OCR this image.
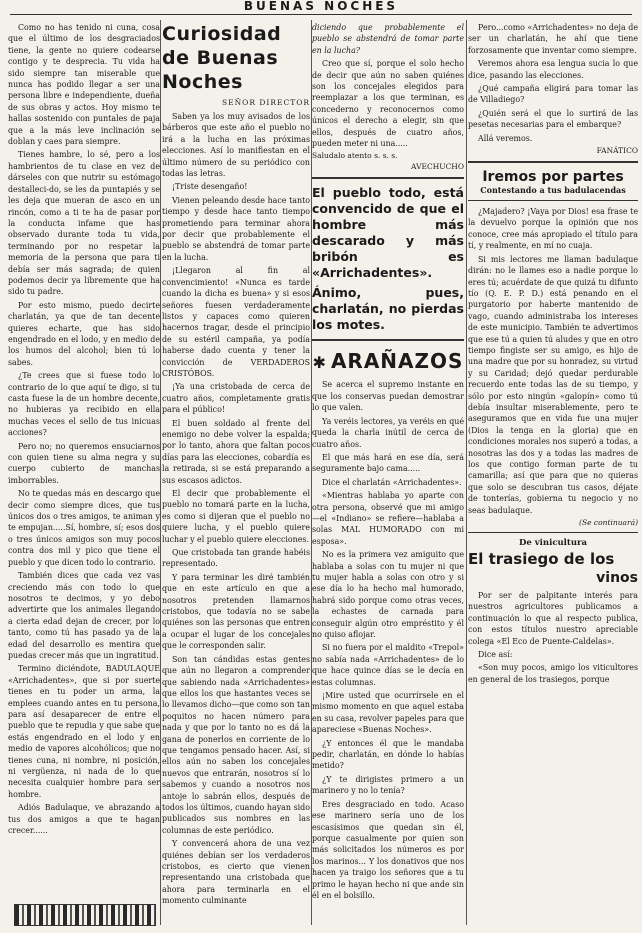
BUENAS NOCHES

Como no has tenido ni cuna, cosa que el último de los desgraciados tiene, la gente no quiere codearse contigo y te desprecia. Tu vida ha sido siempre tan miserable que nunca has podido llegar a ser una persona libre e independiente, dueña de sus obras y actos. Hoy mismo te hallas sostenido con puntales de paja que a la más leve inclinación se doblan y caes para siempre.

Tienes hambre, lo sé, pero a los hambrientos de tu clase en vez de dárseles con que nutrir su estómago destalleci-do, se les da puntapiés y se les deja que mueran de asco en un rincón, como a ti te ha de pasar por la conducta infame que has observado durante toda tu vida, terminando por no respetar la memoria de la persona que para ti debía ser más sagrada; de quien podemos decir ya libremente que ha sido tu padre.

Por esto mismo, puedo decirte charlatán, ya que de tan decente quieres echarte, que has sido engendrado en el lodo, y en medio de los humos del alcohol; bien tú lo sabes.

¿Te crees que si fuese todo lo contrario de lo que aquí te digo, si tu casta fuese la de un hombre decente, no hubieras ya recibido en ella muchas veces el sello de tus inicuas acciones?

Pero no; no queremos ensuciarnos con quien tiene su alma negra y su cuerpo cubierto de manchas imborrables.

No te quedas más en descargo que decir como siempre dices, que tus únicos dos o tres amigos, te animan y te empujan.....Sí, hombre, sí; esos dos o tres únicos amigos son muy pocos contra dos mil y pico que tiene el pueblo y que dicen todo lo contrario.

También dices que cada vez vas creciendo más con todo lo que nosotros te decimos, y yo debo advertirte que los animales llegando a cierta edad dejan de crecer, por lo tanto, como tú has pasado ya de la edad del desarrollo es mentira que puedas crecer más que un ingratitud.

Termino diciéndote, BADULAQUE «Arrichadentes», que si por suerte tienes en tu poder un arma, la emplees cuando antes en tu persona, para así desaparecer de entre el pueblo que te repudia y que sabe que estás engendrado en el lodo y en medio de vapores alcohólicos; que no tienes cuna, ni nombre, ni posición, ni vergüenza, ni nada de lo que necesita cualquier hombre para ser hombre.

Adiós Badulaque, ve abrazando a tus dos amigos a que te hagan crecer......

Curiosidad de Buenas Noches
SEÑOR DIRECTOR

Saben ya los muy avisados de los bárberos que este año el pueblo no irá a la lucha en las próximas elecciones. Así lo manifiestan en el último número de su periódico con todas las letras.

¡Triste desengaño!

Vienen peleando desde hace tanto tiempo y desde hace tanto tiempo prometiendo para terminar ahora por decir que probablemente el pueblo se abstendrá de tomar parte en la lucha.

¡Llegaron al fin al convencimiento! «Nunca es tarde cuando la dicha es buena» y si esos señores fuesen verdaderamente listos y capaces como quieren hacernos tragar, desde el principio de su estéril campaña, ya podía haberse dado cuenta y tener la convicción de VERDADEROS CRISTÓBOS.

¡Ya una cristobada de cerca de cuatro años, completamente gratis para el público!

El buen soldado al frente del enemigo no debe volver la espalda; por lo tanto, ahora que faltan pocos días para las elecciones, cobardía es la retirada, si se está preparando a sus escasos adictos.

El decir que probablemente el pueblo no tomará parte en la lucha, es como si dijeran que el pueblo no quiere lucha, y el pueblo quiere luchar y el pueblo quiere elecciones.

Que cristobada tan grande habéis representado.

Y para terminar les diré también que en este artículo en que a nosotros pretenden llamarnos cristobos, que todavía no se sabe quiénes son las personas que entren a ocupar el lugar de los concejales que le corresponden salir.

Son tan cándidas estas gentes que aún no llegaron a comprender que sabiendo nada «Arrichadentes» que ellos los que hastantes veces se lo llevamos dicho—que como son tan poquitos no hacen número para nada y que por lo tanto no es dá la gana de ponerlos en corriente de lo que tengamos pensado hacer. Así, si ellos aún no saben los concejales nuevos que entrarán, nosotros sí lo sabemos y cuando a nosotros nos antoje lo sabrán ellos, después de todos los últimos, cuando hayan sido publicados sus nombres en las columnas de este periódico.

Y convencerá ahora de una vez quiénes debían ser los verdaderos cristobos, es cierto que vienen representando una cristobada que ahora para terminarla en el momento culminante

diciendo que probablemente el pueblo se abstendrá de tomar parte en la lucha?

Creo que sí, porque el solo hecho de decir que aún no saben quiénes son los concejales elegidos para reemplazar a los que terminan, es concederno y reconocernos como únicos el derecho a elegir, sin que ellos, después de cuatro años, pueden meter ni una.....

Saludalo atento s. s. s.
AVECHUCHO
El pueblo todo, está convencido de que el hombre más descarado y más bribón es «Arrichadentes».
Ánimo, pues, charlatán, no pierdas los motes.
✱ ARAÑAZOS

Se acerca el supremo instante en que los conservas puedan demostrar lo que valen.

Ya veréis lectores, ya veréis en qué queda la charla inútil de cerca de cuatro años.

El que más hará en ese día, será seguramente bajo cama.....

Dice el charlatán «Arrichadentes».

«Mientras hablaba yo aparte con otra persona, observé que mi amigo—el «Indiano» se refiere—hablaba a solas MAL HUMORADO con mi esposa».

No es la primera vez amiguito que hablaba a solas con tu mujer ni que tu mujer habla a solas con otro y si ese día lo ha hecho mal humorado, habrá sido porque como otras veces, la echastes de carnada para conseguir algún otro empréstito y él no quiso aflojar.

Si no fuera por el maldito «Trepol» no sabía nada «Arrichadentes» de lo que hace quince días se le decía en estas columnas.

¡Mire usted que ocurrírsele en el mismo momento en que aquel estaba en su casa, revolver papeles para que apareciese «Buenas Noches».

¿Y entonces él que le mandaba pedir, charlatán, en dónde lo habías metido?

¿Y te dirigistes primero a un marinero y no lo tenía?

Eres desgraciado en todo. Acaso ese marinero sería uno de los escasísimos que quedan sin él, porque casualmente por quien son más solicitados los números es por los marinos... Y los donativos que nos hacen ya traigo los señores que a tu primo le hayan hecho ni que ande sin él en el bolsillo.

Pero...como «Arrichadentes» no deja de ser un charlatán, he ahí que tiene forzosamente que inventar como siempre.

Veremos ahora esa lengua sucia lo que dice, pasando las elecciones.

¿Qué campaña eligirá para tomar las de Villadiego?

¿Quién será el que lo surtirá de las pesetas necesarias para el embarque?

Allá veremos.

FANÁTICO
Iremos por partes
Contestando a tus badulacendas

¿Majadero? ¡Vaya por Dios! esa frase te la devuelvo porque la opinión que nos conoce, cree más apropiado el título para tí, y realmente, en mí no cuaja.

Si mis lectores me llaman badulaque dirán: no le llames eso a nadie porque lo eres tú; acuérdate de que quizá tu difunto tío (Q. E. P. D.) está penando en el purgatorio por haberte mantenido de vago, cuando administraba los intereses de este municipio. También te advertimos que ese tú a quien tú aludes y que en otro tiempo fingiste ser su amigo, es hijo de una madre que por su honradez, su virtud y su Caridad; dejó quedar perdurable recuerdo ente todas las de su tiempo, y sólo por esto ningún «galopín» como tú debía insultar miserablemente, pero te aseguramos que en vida fue una mujer (Dios la tenga en la gloria) que en condiciones morales nos superó a todas, a nosotras las dos y a todas las madres de los que contigo forman parte de tu camarilla; así que para que no quieras que solo se descubran tus casos, déjate de tonterías, gobierna tu negocio y no seas badulaque.

(Se continuará)
De vinicultura
El trasiego de los
vinos

Por ser de palpitante interés para nuestros agricultores publicamos a continuación lo que al respecto publica, con estos títulos nuestro apreciable colega «El Eco de Puente-Caldelas».

Dice así:

«Son muy pocos, amigo los viticultores en general de los trasiegos, porque
